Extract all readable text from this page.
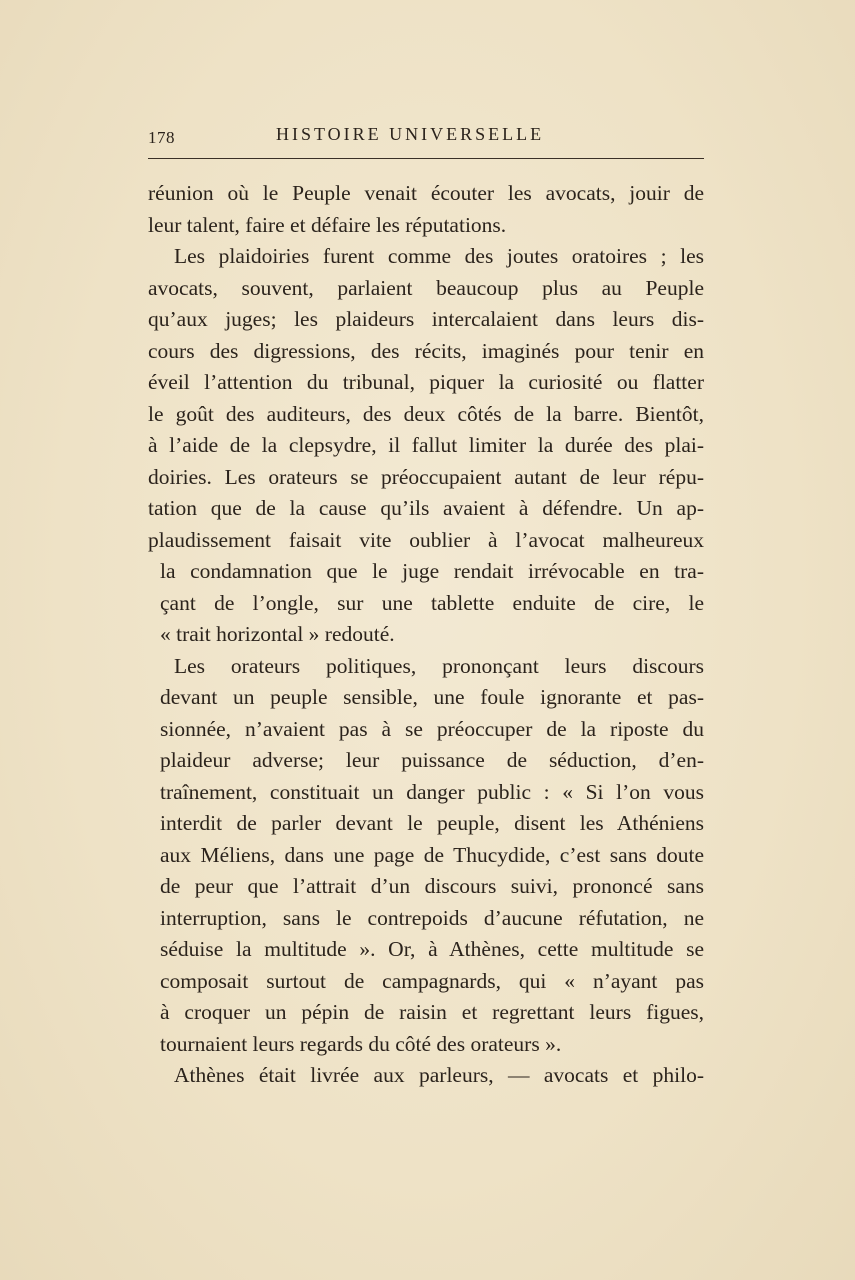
178	HISTOIRE UNIVERSELLE
réunion où le Peuple venait écouter les avocats, jouir de
leur talent, faire et défaire les réputations.
Les plaidoiries furent comme des joutes oratoires ; les
avocats, souvent, parlaient beaucoup plus au Peuple
qu’aux juges; les plaideurs intercalaient dans leurs dis-
cours des digressions, des récits, imaginés pour tenir en
éveil l’attention du tribunal, piquer la curiosité ou flatter
le goût des auditeurs, des deux côtés de la barre. Bientôt,
à l’aide de la clepsydre, il fallut limiter la durée des plai-
doiries. Les orateurs se préoccupaient autant de leur répu-
tation que de la cause qu’ils avaient à défendre. Un ap-
plaudissement faisait vite oublier à l’avocat malheureux
la condamnation que le juge rendait irrévocable en tra-
çant de l’ongle, sur une tablette enduite de cire, le
« trait horizontal » redouté.
Les orateurs politiques, prononçant leurs discours
devant un peuple sensible, une foule ignorante et pas-
sionnée, n’avaient pas à se préoccuper de la riposte du
plaideur adverse; leur puissance de séduction, d’en-
traînement, constituait un danger public : « Si l’on vous
interdit de parler devant le peuple, disent les Athéniens
aux Méliens, dans une page de Thucydide, c’est sans doute
de peur que l’attrait d’un discours suivi, prononcé sans
interruption, sans le contrepoids d’aucune réfutation, ne
séduise la multitude ». Or, à Athènes, cette multitude se
composait surtout de campagnards, qui « n’ayant pas
à croquer un pépin de raisin et regrettant leurs figues,
tournaient leurs regards du côté des orateurs ».
Athènes était livrée aux parleurs, — avocats et philo-
